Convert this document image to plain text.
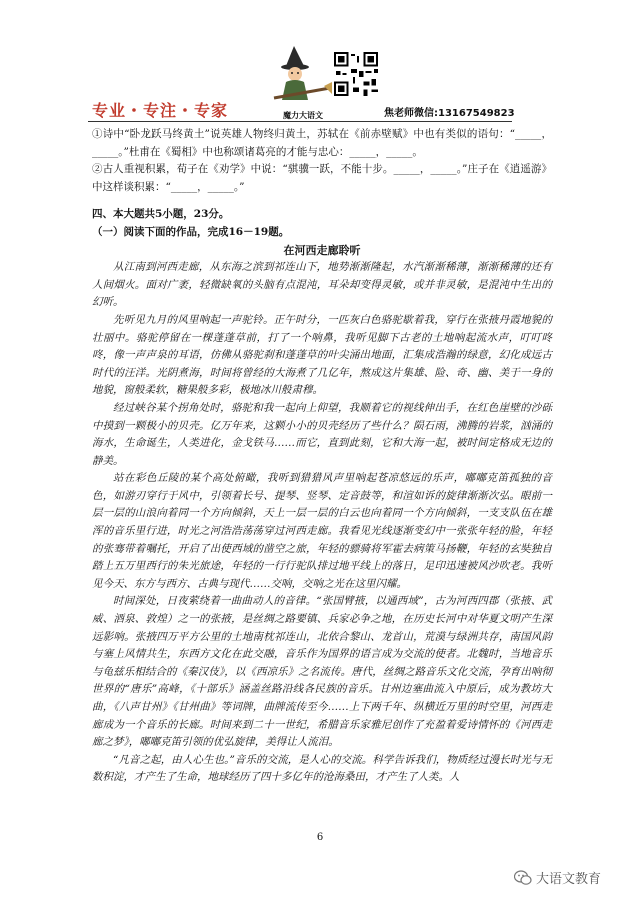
专业・专注・专家	魔力大语文	焦老师微信:13167549823

①诗中“卧龙跃马终黄土”说英雄人物终归黄土，苏轼在《前赤壁赋》中也有类似的语句：“_____，_____。”杜甫在《蜀相》中也称颂诸葛亮的才能与忠心：_____，_____。

②古人重视积累，荀子在《劝学》中说：“骐骥一跃，不能十步。_____，_____。”庄子在《逍遥游》中这样谈积累：“_____，_____。”

四、本大题共5小题，23分。

（一）阅读下面的作品，完成16－19题。

在河西走廊聆听

从江南到河西走廊，从东海之滨到祁连山下，地势渐渐隆起，水汽渐渐稀薄，渐渐稀薄的还有人间烟火。面对广袤，轻微缺氧的头脑有点混沌，耳朵却变得灵敏，或并非灵敏，是混沌中生出的幻听。

先听见九月的风里响起一声驼铃。正午时分，一匹灰白色骆驼歇着我，穿行在张掖丹霞地貌的壮丽中。骆驼停留在一棵蓬蓬草前，打了一个响鼻，我听见脚下古老的土地响起流水声，叮叮咚咚，像一声声泉的耳语，仿佛从骆驼刹和蓬蓬草的叶尖涌出地面，汇集成浩瀚的绿意，幻化成远古时代的汪洋。光阴煮海，时间将曾经的大海煮了几亿年，熬成这片集雄、险、奇、幽、美于一身的地貌，窗般柔软，糖果般多彩，极地冰川般肃穆。

经过峡谷某个拐角处时，骆驼和我一起向上仰望，我顺着它的视线伸出手，在红色崖壁的沙砾中摸到一颗极小的贝壳。亿万年来，这颗小小的贝壳经历了些什么？陨石雨，沸腾的岩浆，汹涌的海水，生命诞生，人类进化，金戈铁马……而它，直到此刻，它和大海一起，被时间定格成无边的静美。

站在彩色丘陵的某个高处俯瞰，我听到猎猎风声里响起苍凉悠远的乐声，嘟嘟克笛孤独的音色，如游刃穿行于风中，引领着长号、提琴、竖琴、定音鼓等，和渲如诉的旋律渐渐次弘。眼前一层一层的山浪向着同一个方向倾斜，天上一层一层的白云也向着同一个方向倾斜，一支支队伍在雄浑的音乐里行进，时光之河浩浩荡荡穿过河西走廊。我看见光线逐渐变幻中一张张年轻的脸，年轻的张骞带着嘱托，开启了出使西域的凿空之旅，年轻的骠骑将军霍去病策马扬鞭，年轻的玄奘独自踏上五万里西行的朱光旅途，年轻的一行行驼队排过地平线上的落日，足印迅速被风沙吹老。我听见今天、东方与西方、古典与现代……交响，交响之光在这里闪耀。

时间深处，日夜萦绕着一曲曲动人的音律。“张国臂掖，以通西域”，古为河西四郡（张掖、武威、酒泉、敦煌）之一的张掖，是丝绸之路要镇、兵家必争之地，在历史长河中对华夏文明产生深远影响。张掖四万平方公里的土地南枕祁连山，北依合黎山、龙首山，荒漠与绿洲共存，南国风韵与塞上风情共生，东西方文化在此交融，音乐作为国界的语言成为交流的使者。北魏时，当地音乐与龟兹乐相结合的《秦汉伎》，以《西凉乐》之名流传。唐代，丝绸之路音乐文化交流，孕育出响彻世界的“唐乐”高峰，《十部乐》涵盖丝路沿线各民族的音乐。甘州边塞曲流入中原后，成为教坊大曲，《八声甘州》《甘州曲》等词牌，曲牌流传至今……上下两千年、纵横近万里的时空里，河西走廊成为一个音乐的长廊。时间来到二十一世纪，希腊音乐家雅尼创作了充盈着爱诗情怀的《河西走廊之梦》，嘟嘟克笛引领的优弘旋律，美得让人流泪。

“凡音之起，由人心生也。”音乐的交流，是人心的交流。科学告诉我们，物质经过漫长时光与无数积淀，才产生了生命，地球经历了四十多亿年的沧海桑田，才产生了人类。人

6
大语文教育
